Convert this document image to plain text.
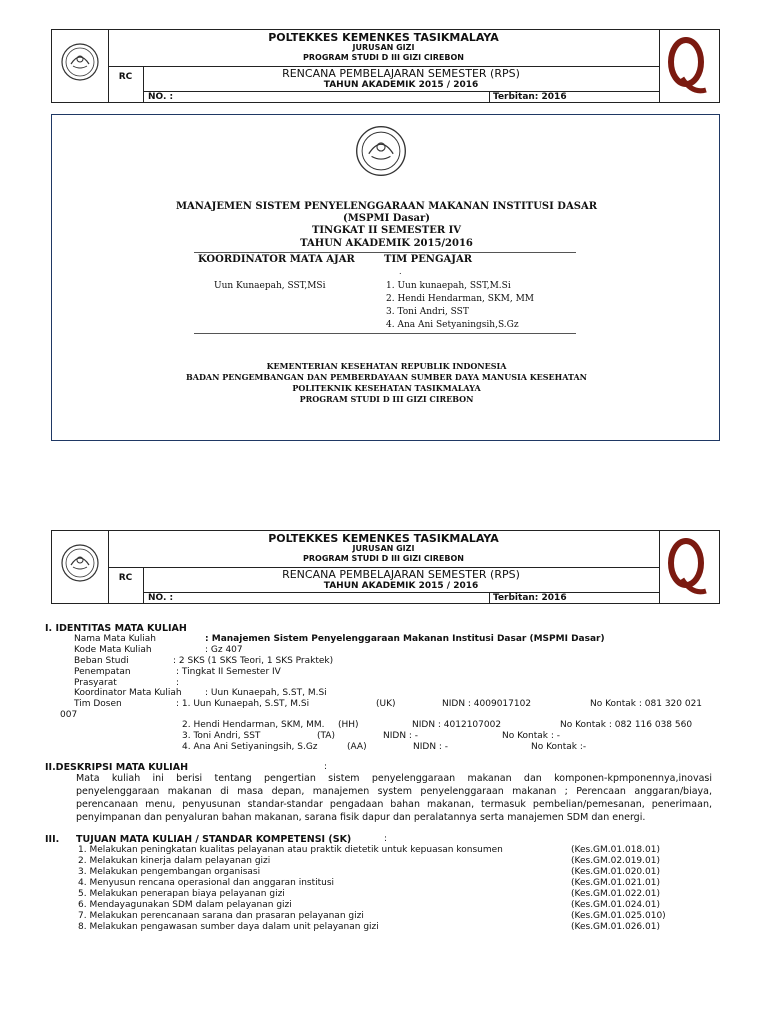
POLTEKKES KEMENKES TASIKMALAYA
JURUSAN GIZI
PROGRAM STUDI D III GIZI CIREBON
RENCANA PEMBELAJARAN SEMESTER (RPS)
TAHUN AKADEMIK 2015 / 2016
RC
NO. :	Terbitan: 2016
MANAJEMEN SISTEM PENYELENGGARAAN MAKANAN INSTITUSI DASAR
(MSPMI Dasar)
TINGKAT II SEMESTER IV
TAHUN AKADEMIK 2015/2016
KOORDINATOR MATA AJAR	TIM PENGAJAR
.
Uun Kunaepah, SST,MSi	1. Uun kunaepah, SST,M.Si
2. Hendi Hendarman, SKM, MM
3. Toni Andri, SST
4. Ana Ani Setyaningsih,S.Gz
KEMENTERIAN KESEHATAN REPUBLIK INDONESIA
BADAN PENGEMBANGAN DAN PEMBERDAYAAN SUMBER DAYA MANUSIA KESEHATAN
POLITEKNIK KESEHATAN TASIKMALAYA
PROGRAM STUDI D III GIZI CIREBON
POLTEKKES KEMENKES TASIKMALAYA
JURUSAN GIZI
PROGRAM STUDI D III GIZI CIREBON
RENCANA PEMBELAJARAN SEMESTER (RPS)
TAHUN AKADEMIK 2015 / 2016
RC
NO. :	Terbitan: 2016
I. IDENTITAS MATA KULIAH
Nama Mata Kuliah	: Manajemen Sistem Penyelenggaraan Makanan Institusi Dasar (MSPMI Dasar)
Kode Mata Kuliah	: Gz 407
Beban Studi	: 2 SKS (1 SKS Teori, 1 SKS Praktek)
Penempatan	: Tingkat II Semester IV
Prasyarat	:
Koordinator Mata Kuliah	: Uun Kunaepah, S.ST, M.Si
Tim Dosen	: 1. Uun Kunaepah, S.ST, M.Si	(UK)	NIDN : 4009017102	No Kontak : 081 320 021
007
2. Hendi Hendarman, SKM, MM. (HH)	NIDN : 4012107002	No Kontak : 082 116 038 560
3. Toni Andri, SST	(TA)	NIDN : -	No Kontak : -
4. Ana Ani Setiyaningsih, S.Gz	(AA)	NIDN : -	No Kontak :-
II.DESKRIPSI MATA KULIAH	:
Mata kuliah ini berisi tentang pengertian sistem penyelenggaraan makanan dan komponen-kpmponennya,inovasi
penyelenggaraan makanan di masa depan, manajemen system penyelenggaraan makanan ; Perencaan anggaran/biaya,
perencanaan menu, penyusunan standar-standar pengadaan bahan makanan, termasuk pembelian/pemesanan, penerimaan,
penyimpanan dan penyaluran bahan makanan, sarana fisik dapur dan peralatannya serta manajemen SDM dan energi.
III. TUJUAN MATA KULIAH / STANDAR KOMPETENSI (SK)	:
1. Melakukan peningkatan kualitas pelayanan atau praktik dietetik untuk kepuasan konsumen	(Kes.GM.01.018.01)
2. Melakukan kinerja dalam pelayanan gizi	(Kes.GM.02.019.01)
3. Melakukan pengembangan organisasi	(Kes.GM.01.020.01)
4. Menyusun rencana operasional dan anggaran institusi	(Kes.GM.01.021.01)
5. Melakukan penerapan biaya pelayanan gizi	(Kes.GM.01.022.01)
6. Mendayagunakan SDM dalam pelayanan gizi	(Kes.GM.01.024.01)
7. Melakukan perencanaan sarana dan prasaran pelayanan gizi	(Kes.GM.01.025.010)
8. Melakukan pengawasan sumber daya dalam unit pelayanan gizi	(Kes.GM.01.026.01)
